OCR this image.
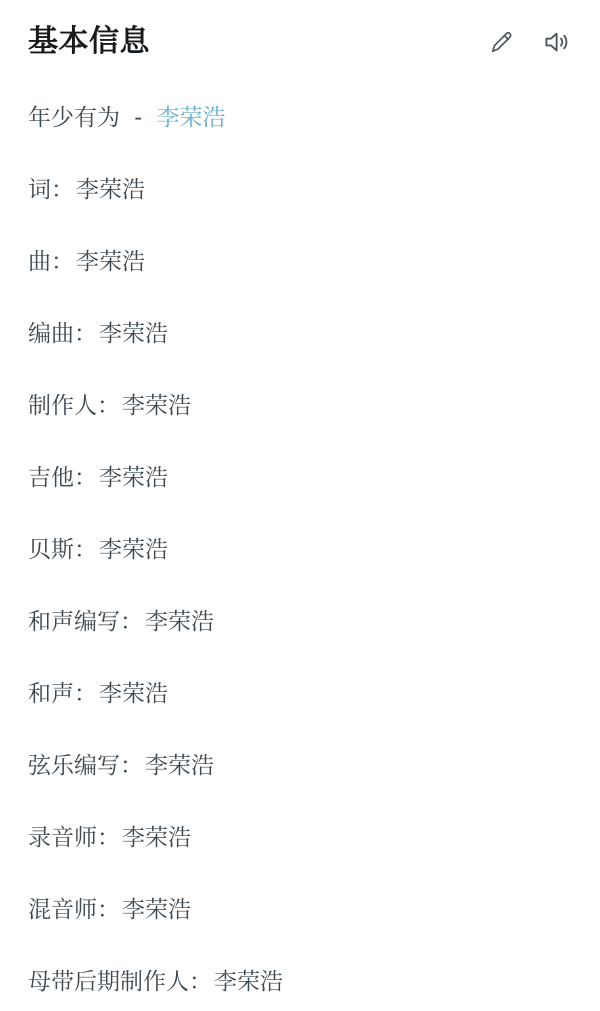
基本信息
年少有为 - 李荣浩
词：李荣浩
曲：李荣浩
编曲：李荣浩
制作人：李荣浩
吉他：李荣浩
贝斯：李荣浩
和声编写：李荣浩
和声：李荣浩
弦乐编写：李荣浩
录音师：李荣浩
混音师：李荣浩
母带后期制作人：李荣浩
